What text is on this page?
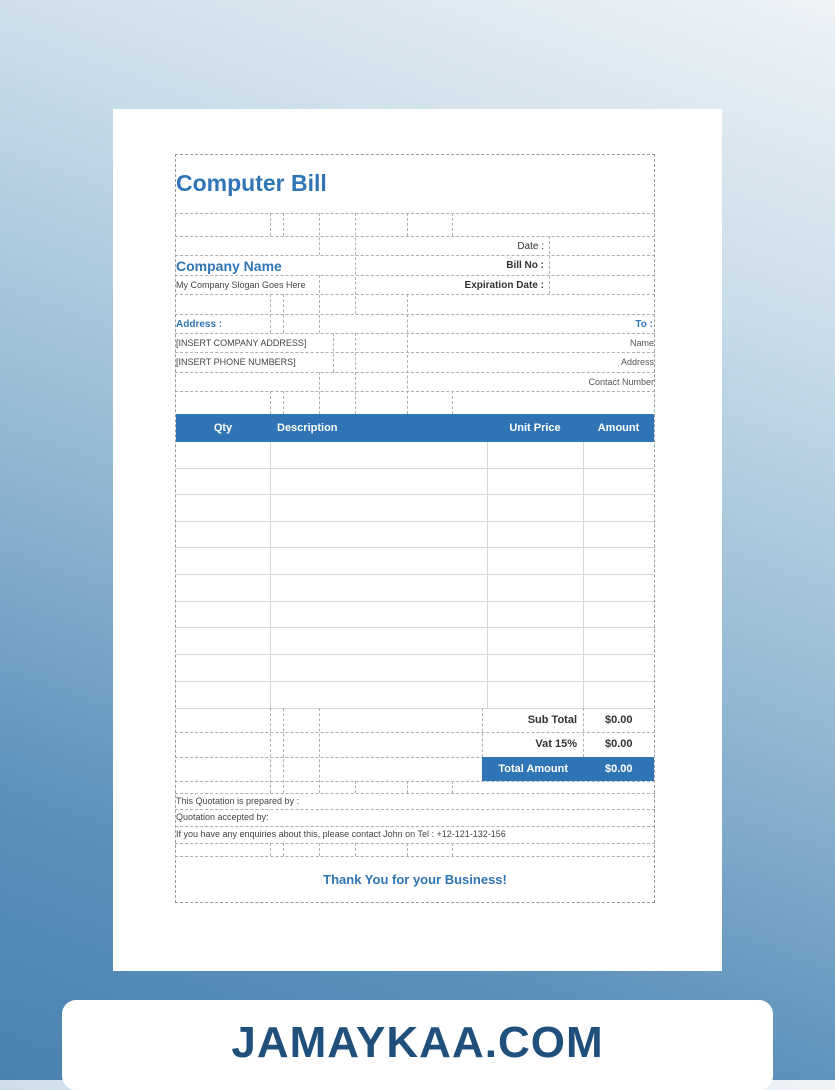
Computer Bill
Date :
Company Name	Bill No :
My Company Slogan Goes Here	Expiration Date :
Address :	To :
[INSERT COMPANY ADDRESS]	Name
[INSERT PHONE NUMBERS]	Address
Contact Number
Qty	Description	Unit Price	Amount
Sub Total	$0.00
Vat 15%	$0.00
Total Amount	$0.00
This Quotation is prepared by :
Quotation accepted by:
If you have any enquiries about this, please contact John on Tel : +12-121-132-156
Thank You for your Business!
JAMAYKAA.COM
